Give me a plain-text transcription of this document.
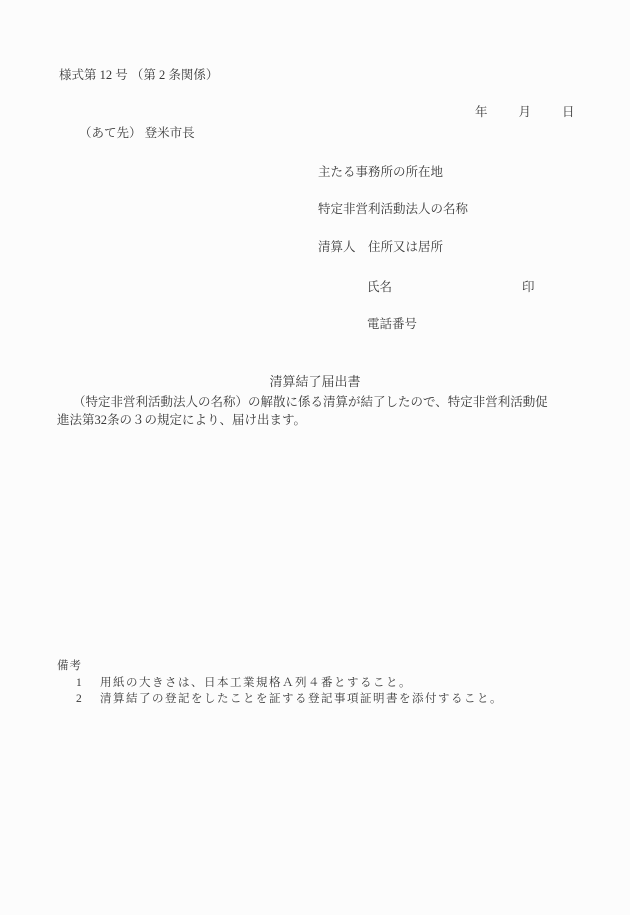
様式第 12 号 （第 2 条関係）
年 月 日
（あて先） 登米市長
主たる事務所の所在地
特定非営利活動法人の名称
清算人　住所又は居所
氏名	印
電話番号
清算結了届出書
（特定非営利活動法人の名称）の解散に係る清算が結了したので、特定非営利活動促
進法第32条の３の規定により、届け出ます。
備考
1 用紙の大きさは、日本工業規格Ａ列４番とすること。
2 清算結了の登記をしたことを証する登記事項証明書を添付すること。
